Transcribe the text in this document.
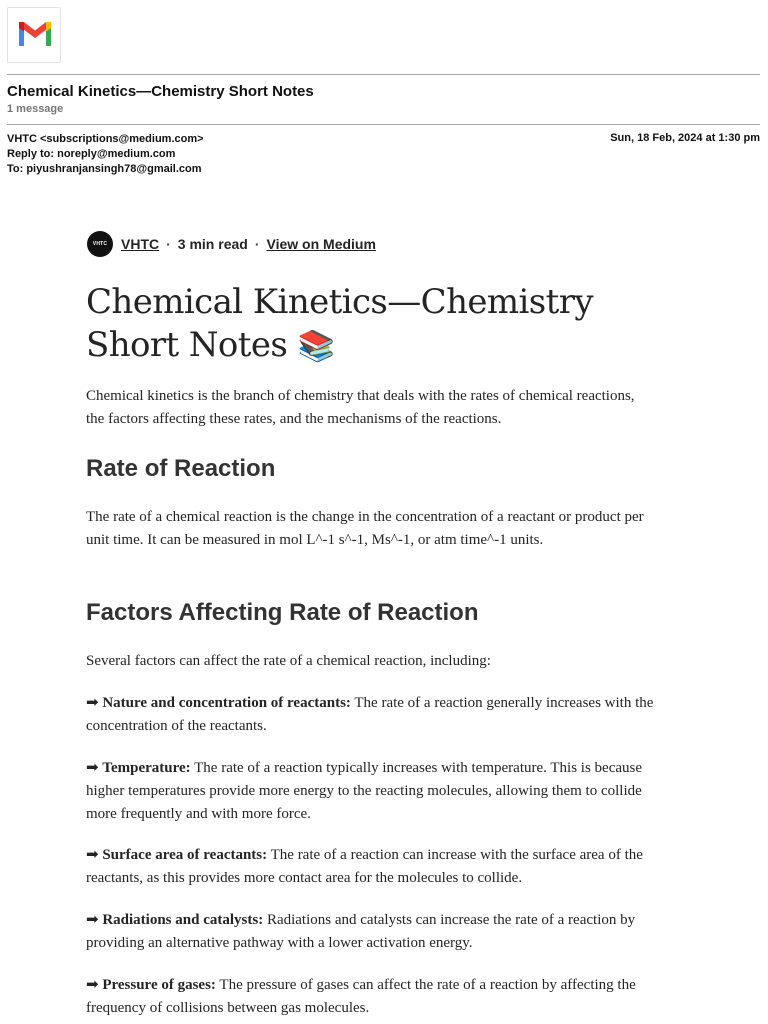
Chemical Kinetics—Chemistry Short Notes
1 message
VHTC <subscriptions@medium.com>
Reply to: noreply@medium.com
To: piyushranjansingh78@gmail.com
Sun, 18 Feb, 2024 at 1:30 pm
VHTC VHTC · 3 min read · View on Medium
Chemical Kinetics—Chemistry Short Notes 📚

Chemical kinetics is the branch of chemistry that deals with the rates of chemical reactions, the factors affecting these rates, and the mechanisms of the reactions.

Rate of Reaction

The rate of a chemical reaction is the change in the concentration of a reactant or product per unit time. It can be measured in mol L^-1 s^-1, Ms^-1, or atm time^-1 units.

Factors Affecting Rate of Reaction

Several factors can affect the rate of a chemical reaction, including:

➡ Nature and concentration of reactants: The rate of a reaction generally increases with the concentration of the reactants.

➡ Temperature: The rate of a reaction typically increases with temperature. This is because higher temperatures provide more energy to the reacting molecules, allowing them to collide more frequently and with more force.

➡ Surface area of reactants: The rate of a reaction can increase with the surface area of the reactants, as this provides more contact area for the molecules to collide.

➡ Radiations and catalysts: Radiations and catalysts can increase the rate of a reaction by providing an alternative pathway with a lower activation energy.

➡ Pressure of gases: The pressure of gases can affect the rate of a reaction by affecting the frequency of collisions between gas molecules.
